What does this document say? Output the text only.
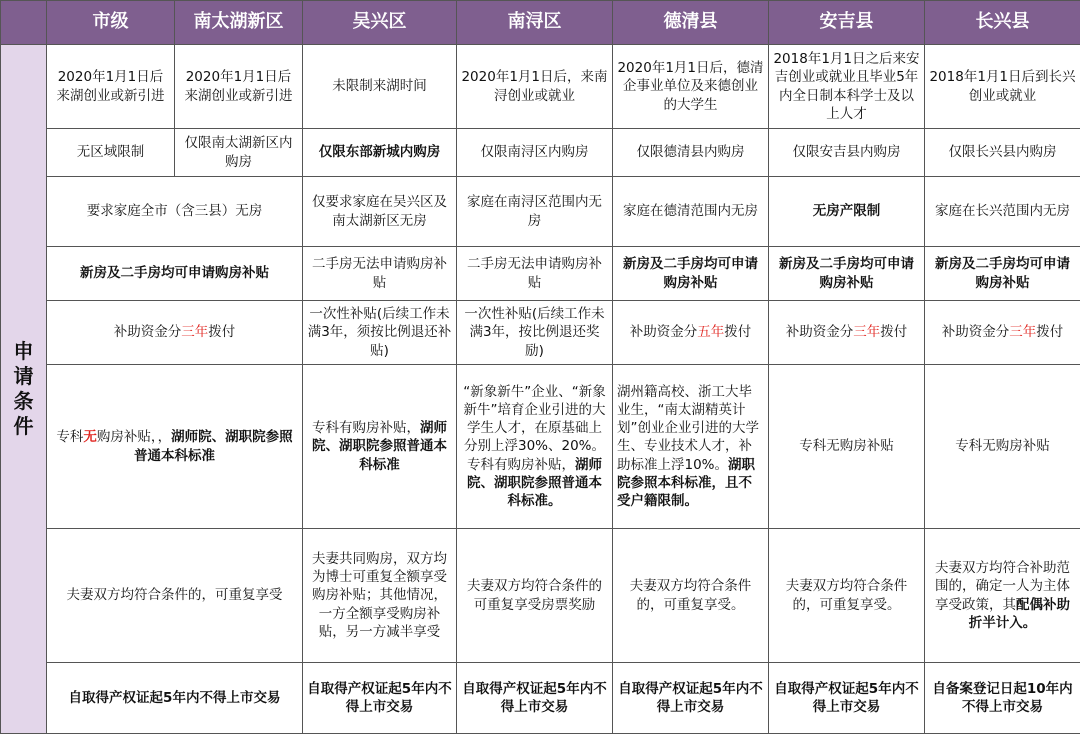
	市级	南太湖新区	吴兴区	南浔区	德清县	安吉县	长兴县

申
请
条
件	2020年1月1日后来湖创业或新引进	2020年1月1日后来湖创业或新引进	未限制来湖时间	2020年1月1日后，来南浔创业或就业	2020年1月1日后，德清企事业单位及来德创业的大学生	2018年1月1日之后来安吉创业或就业且毕业5年内全日制本科学士及以上人才	2018年1月1日后到长兴创业或就业
	无区域限制	仅限南太湖新区内购房	仅限东部新城内购房	仅限南浔区内购房	仅限德清县内购房	仅限安吉县内购房	仅限长兴县内购房
	要求家庭全市（含三县）无房		仅要求家庭在吴兴区及南太湖新区无房	家庭在南浔区范围内无房	家庭在德清范围内无房	无房产限制	家庭在长兴范围内无房
	新房及二手房均可申请购房补贴		二手房无法申请购房补贴	二手房无法申请购房补贴	新房及二手房均可申请购房补贴	新房及二手房均可申请购房补贴	新房及二手房均可申请购房补贴
	补助资金分三年拨付		一次性补贴(后续工作未满3年，须按比例退还补贴)	一次性补贴(后续工作未满3年，按比例退还奖励)	补助资金分五年拨付	补助资金分三年拨付	补助资金分三年拨付
	专科无购房补贴，，湖师院、湖职院参照普通本科标准		专科有购房补贴，湖师院、湖职院参照普通本科标准	“新象新牛”企业、“新象新牛”培育企业引进的大学生人才，在原基础上分别上浮30%、20%。专科有购房补贴，湖师院、湖职院参照普通本科标准。	湖州籍高校、浙工大毕业生，“南太湖精英计划”创业企业引进的大学生、专业技术人才，补助标准上浮10%。湖职院参照本科标准，且不受户籍限制。	专科无购房补贴	专科无购房补贴
	夫妻双方均符合条件的，可重复享受		夫妻共同购房，双方均为博士可重复全额享受购房补贴；其他情况，一方全额享受购房补贴，另一方减半享受	夫妻双方均符合条件的可重复享受房票奖励	夫妻双方均符合条件的，可重复享受。	夫妻双方均符合条件的，可重复享受。	夫妻双方均符合补助范围的，确定一人为主体享受政策，其配偶补助折半计入。
	自取得产权证起5年内不得上市交易		自取得产权证起5年内不得上市交易	自取得产权证起5年内不得上市交易	自取得产权证起5年内不得上市交易	自取得产权证起5年内不得上市交易	自备案登记日起10年内不得上市交易
